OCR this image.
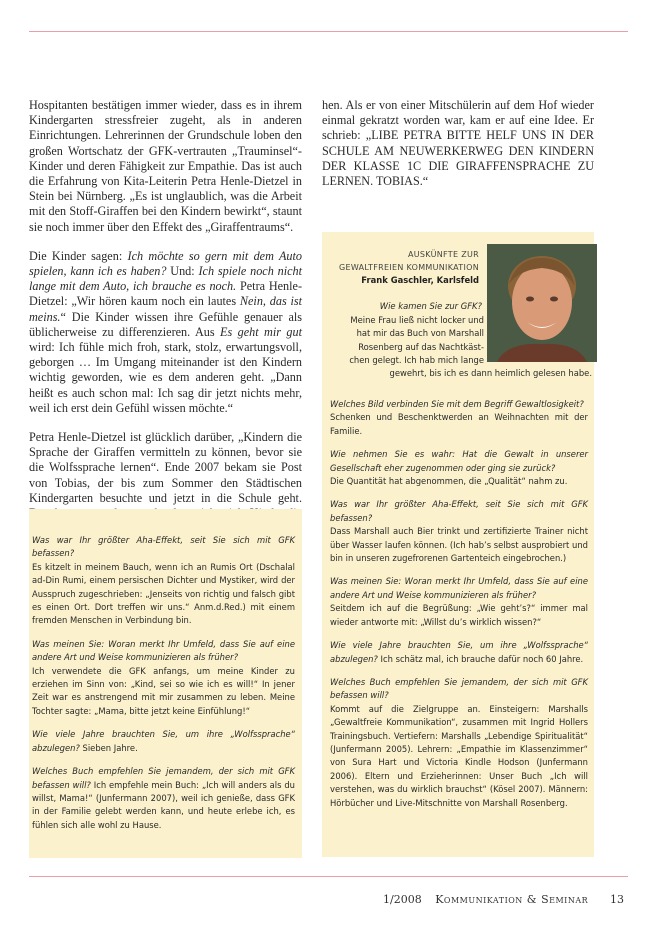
Hospitanten bestätigen immer wieder, dass es in ihrem Kindergarten stressfreier zugeht, als in anderen Einrichtungen. Lehrerinnen der Grundschule loben den großen Wortschatz der GFK-vertrauten „Trauminsel“-Kinder und deren Fähigkeit zur Empathie. Das ist auch die Erfahrung von Kita-Leiterin Petra Henle-Dietzel in Stein bei Nürnberg. „Es ist unglaublich, was die Arbeit mit den Stoff-Giraffen bei den Kindern bewirkt“, staunt sie noch immer über den Effekt des „Giraffentraums“.

Die Kinder sagen: Ich möchte so gern mit dem Auto spielen, kann ich es haben? Und: Ich spiele noch nicht lange mit dem Auto, ich brauche es noch. Petra Henle-Dietzel: „Wir hören kaum noch ein lautes Nein, das ist meins.“ Die Kinder wissen ihre Gefühle genauer als üblicherweise zu differenzieren. Aus Es geht mir gut wird: Ich fühle mich froh, stark, stolz, erwartungsvoll, geborgen … Im Umgang miteinander ist den Kindern wichtig geworden, wie es dem anderen geht. „Dann heißt es auch schon mal: Ich sag dir jetzt nichts mehr, weil ich erst dein Gefühl wissen möchte.“

Petra Henle-Dietzel ist glücklich darüber, „Kindern die Sprache der Giraffen vermitteln zu können, bevor sie die Wolfssprache lernen“. Ende 2007 bekam sie Post von Tobias, der bis zum Sommer den Städtischen Kindergarten besuchte und jetzt in die Schule geht.

hen. Als er von einer Mitschülerin auf dem Hof wieder einmal gekratzt worden war, kam er auf eine Idee. Er schrieb: „LIBE PETRA BITTE HELF UNS IN DER SCHULE AM NEUWERKERWEG DEN KINDERN DER KLASSE 1C DIE GIRAFFENSPRACHE ZU LERNEN. TOBIAS.“

Was war Ihr größter Aha-Effekt, seit Sie sich mit GFK befassen?
Es kitzelt in meinem Bauch, wenn ich an Rumis Ort (Dschalal ad-Din Rumi, einem persischen Dichter und Mystiker, wird der Ausspruch zugeschrieben: „Jenseits von richtig und falsch gibt es einen Ort. Dort treffen wir uns.“ Anm.d.Red.) mit einem fremden Menschen in Verbindung bin.

Was meinen Sie: Woran merkt Ihr Umfeld, dass Sie auf eine andere Art und Weise kommunizieren als früher?
Ich verwendete die GFK anfangs, um meine Kinder zu erziehen im Sinn von: „Kind, sei so wie ich es will!“ In jener Zeit war es anstrengend mit mir zusammen zu leben. Meine Tochter sagte: „Mama, bitte jetzt keine Einfühlung!“

Wie viele Jahre brauchten Sie, um ihre „Wolfssprache“ abzulegen? Sieben Jahre.

Welches Buch empfehlen Sie jemandem, der sich mit GFK befassen will? Ich empfehle mein Buch: „Ich will anders als du willst, Mama!“ (Junfermann 2007), weil ich genieße, dass GFK in der Familie gelebt werden kann, und heute erlebe ich, es fühlen sich alle wohl zu Hause.

AUSKÜNFTE ZUR
GEWALTFREIEN KOMMUNIKATION
Frank Gaschler, Karlsfeld
Wie kamen Sie zur GFK?
Meine Frau ließ nicht locker und
hat mir das Buch von Marshall
Rosenberg auf das Nachtkäst-
chen gelegt. Ich hab mich lange
gewehrt, bis ich es dann heimlich gelesen habe.

Welches Bild verbinden Sie mit dem Begriff Gewaltlosigkeit?
Schenken und Beschenktwerden an Weihnachten mit der Familie.

Wie nehmen Sie es wahr: Hat die Gewalt in unserer Gesellschaft eher zugenommen oder ging sie zurück?
Die Quantität hat abgenommen, die „Qualität“ nahm zu.

Was war Ihr größter Aha-Effekt, seit Sie sich mit GFK befassen?
Dass Marshall auch Bier trinkt und zertifizierte Trainer nicht über Wasser laufen können. (Ich hab’s selbst ausprobiert und bin in unseren zugefrorenen Gartenteich eingebrochen.)

Was meinen Sie: Woran merkt Ihr Umfeld, dass Sie auf eine andere Art und Weise kommunizieren als früher?
Seitdem ich auf die Begrüßung: „Wie geht’s?“ immer mal wieder antworte mit: „Willst du’s wirklich wissen?“

Wie viele Jahre brauchten Sie, um ihre „Wolfssprache“ abzulegen? Ich schätz mal, ich brauche dafür noch 60 Jahre.

Welches Buch empfehlen Sie jemandem, der sich mit GFK befassen will?
Kommt auf die Zielgruppe an. Einsteigern: Marshalls „Gewaltfreie Kommunikation“, zusammen mit Ingrid Hollers Trainingsbuch. Vertiefern: Marshalls „Lebendige Spiritualität“ (Junfermann 2005). Lehrern: „Empathie im Klassenzimmer“ von Sura Hart und Victoria Kindle Hodson (Junfermann 2006). Eltern und Erzieherinnen: Unser Buch „Ich will verstehen, was du wirklich brauchst“ (Kösel 2007). Männern: Hörbücher und Live-Mitschnitte von Marshall Rosenberg.

1/2008 Kommunikation & Seminar	13
